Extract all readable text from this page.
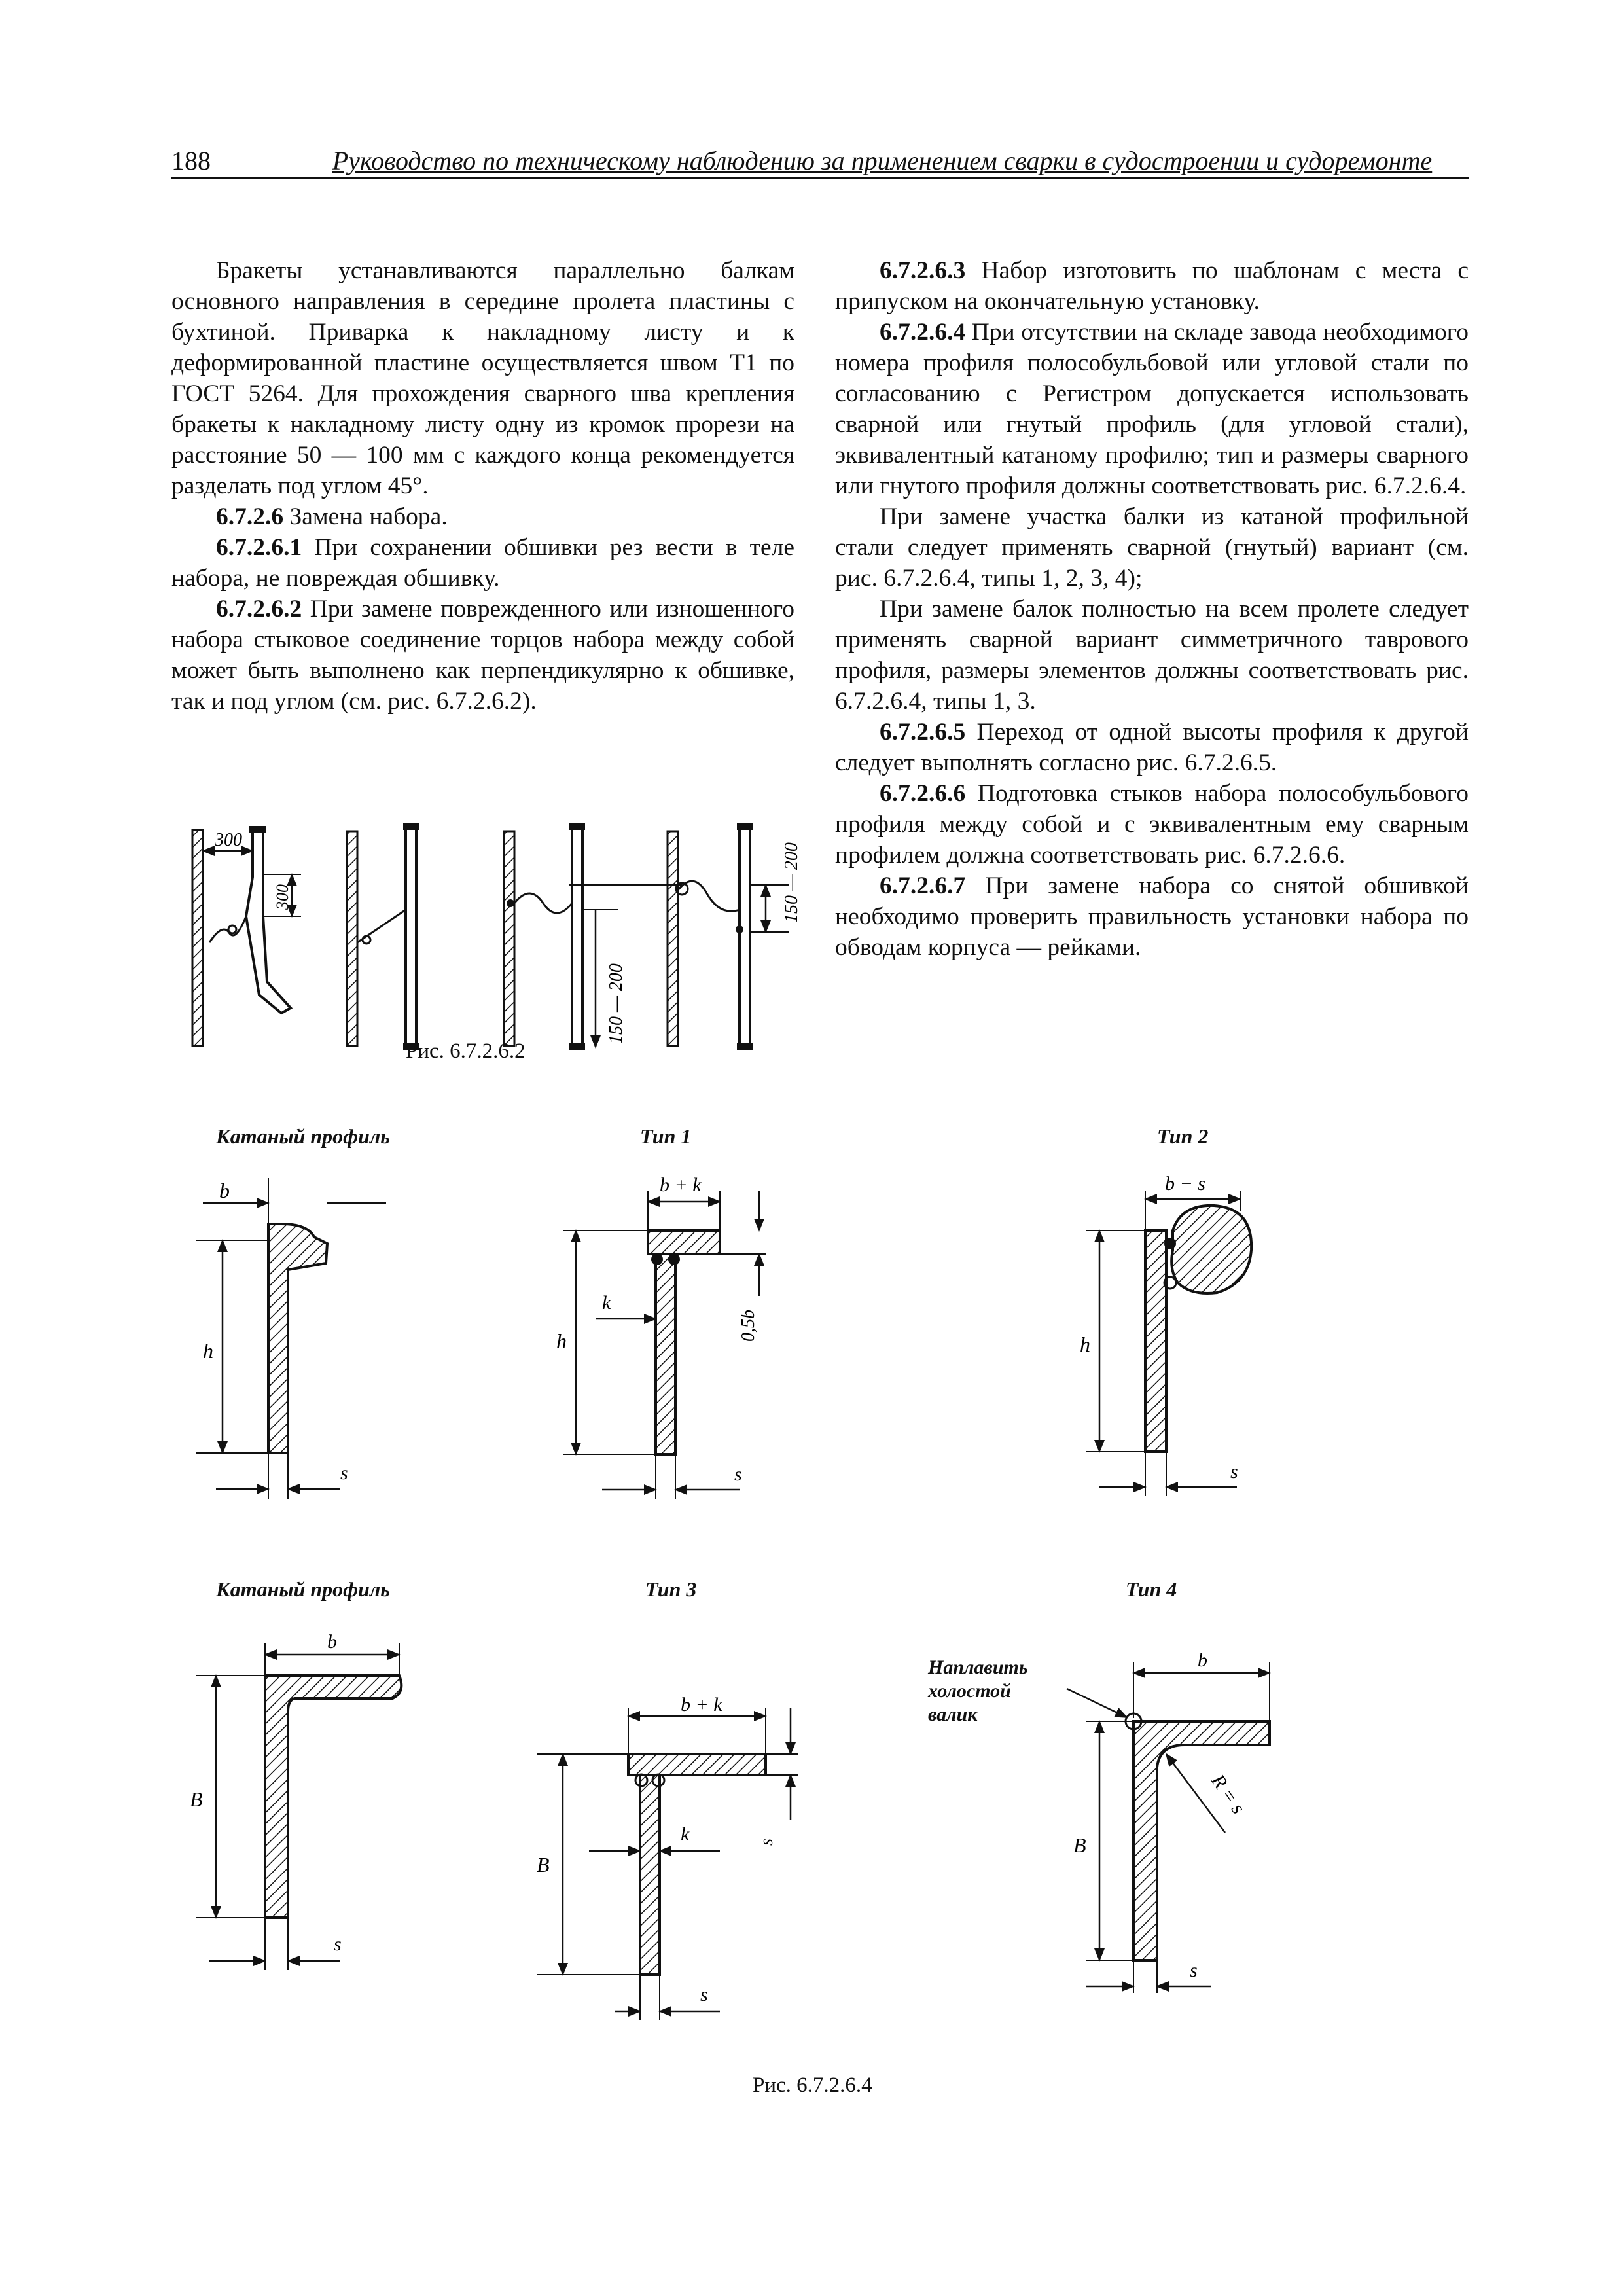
188	Руководство по техническому наблюдению за применением сварки в судостроении и судоремонте

Бракеты устанавливаются параллельно балкам основного направления в середине пролета пластины с бухтиной. Приварка к накладному листу и к деформированной пластине осуществляется швом Т1 по ГОСТ 5264. Для прохождения сварного шва крепления бракеты к накладному листу одну из кромок прорези на расстояние 50 — 100 мм с каждого конца рекомендуется разделать под углом 45°.

6.7.2.6 Замена набора.

6.7.2.6.1 При сохранении обшивки рез вести в теле набора, не повреждая обшивку.

6.7.2.6.2 При замене поврежденного или изношенного набора стыковое соединение торцов набора между собой может быть выполнено как перпендикулярно к обшивке, так и под углом (см. рис. 6.7.2.6.2).

6.7.2.6.3 Набор изготовить по шаблонам с места с припуском на окончательную установку.

6.7.2.6.4 При отсутствии на складе завода необходимого номера профиля полособульбовой или угловой стали по согласованию с Регистром допускается использовать сварной или гнутый профиль (для угловой стали), эквивалентный катаному профилю; тип и размеры сварного или гнутого профиля должны соответствовать рис. 6.7.2.6.4.

При замене участка балки из катаной профильной стали следует применять сварной (гнутый) вариант (см. рис. 6.7.2.6.4, типы 1, 2, 3, 4);

При замене балок полностью на всем пролете следует применять сварной вариант симметричного таврового профиля, размеры элементов должны соответствовать рис. 6.7.2.6.4, типы 1, 3.

6.7.2.6.5 Переход от одной высоты профиля к другой следует выполнять согласно рис. 6.7.2.6.5.

6.7.2.6.6 Подготовка стыков набора полособульбового профиля между собой и с эквивалентным ему сварным профилем должна соответствовать рис. 6.7.2.6.6.

6.7.2.6.7 При замене набора со снятой обшивкой необходимо проверить правильность установки набора по обводам корпуса — рейками.

300
300
150 — 200
150 — 200
Рис. 6.7.2.6.2
Катаный профиль	Тип 1	Тип 2
Катаный профиль	Тип 3	Тип 4
h
b
s
b + k
h
k
0,5b
s
b − s
h
s
b
B
s
b + k
s
B
k
s
Наплавить
холостой
валик
b
R = s
B
s
Рис. 6.7.2.6.4
